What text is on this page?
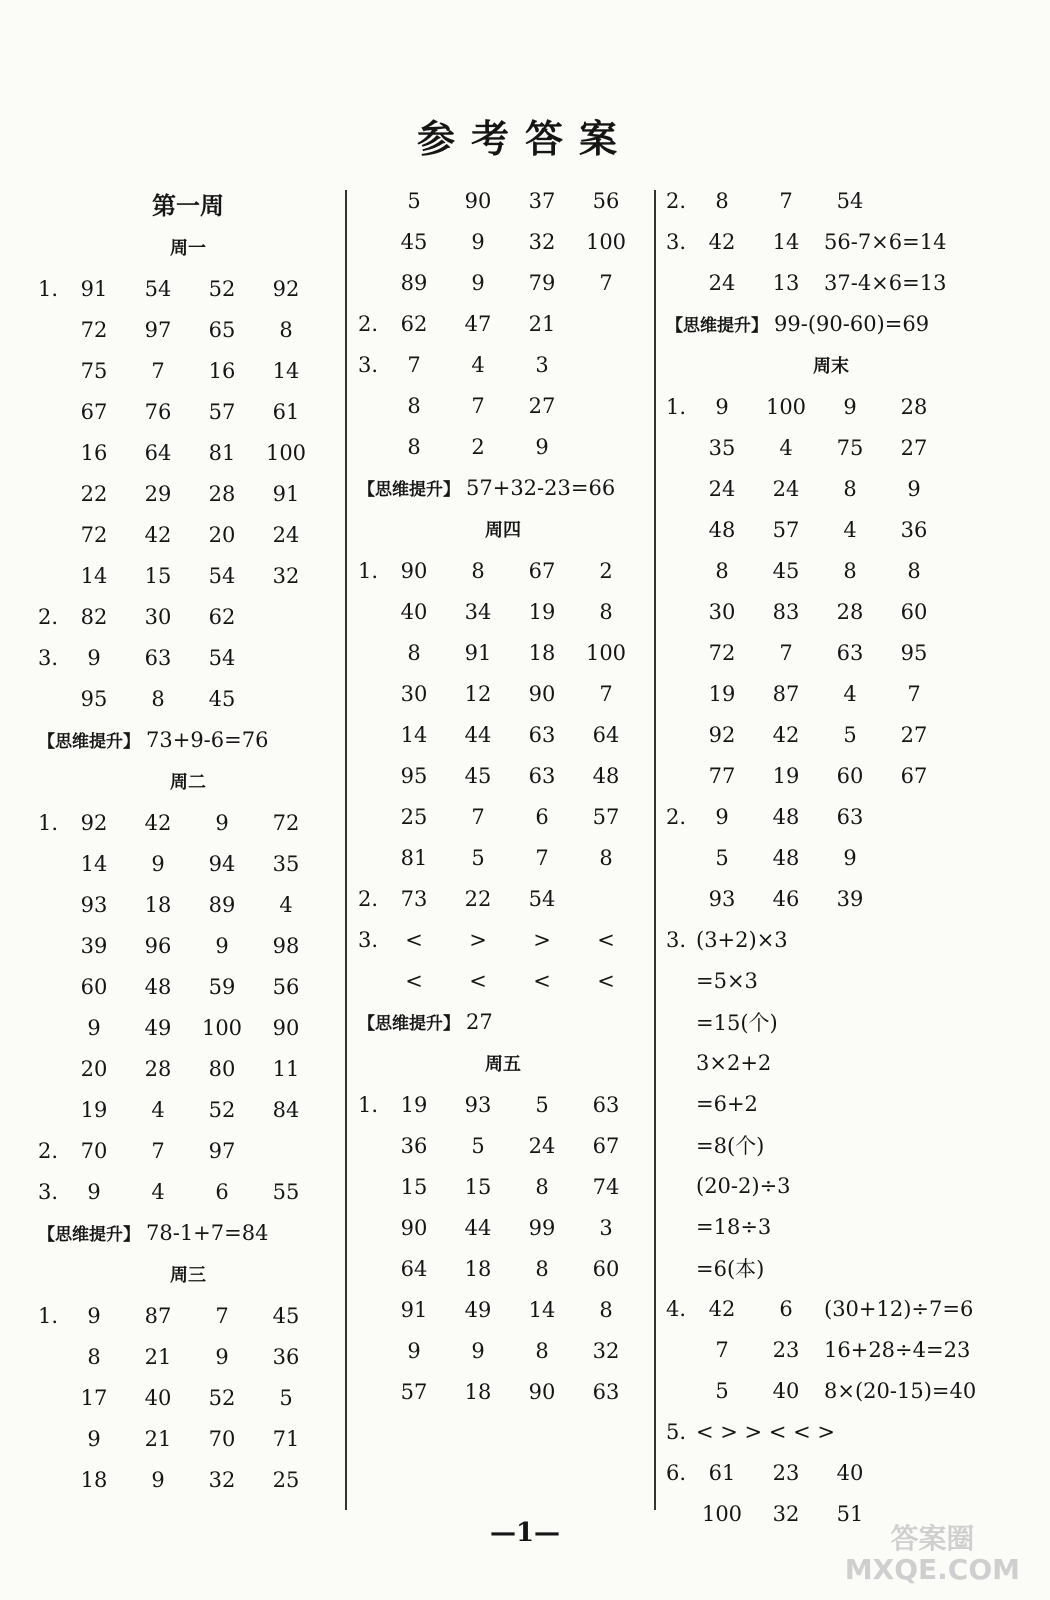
参考答案
第一周
周一
1.	91	54	52	92
72	97	65	8
75	7	16	14
67	76	57	61
16	64	81	100
22	29	28	91
72	42	20	24
14	15	54	32
2.	82	30	62
3.	9	63	54
95	8	45
【思维提升】 73+9-6=76
周二
1.	92	42	9	72
14	9	94	35
93	18	89	4
39	96	9	98
60	48	59	56
9	49	100	90
20	28	80	11
19	4	52	84
2.	70	7	97
3.	9	4	6	55
【思维提升】 78-1+7=84
周三
1.	9	87	7	45
8	21	9	36
17	40	52	5
9	21	70	71
18	9	32	25
5	90	37	56
45	9	32	100
89	9	79	7
2.	62	47	21
3.	7	4	3
8	7	27
8	2	9
【思维提升】 57+32-23=66
周四
1.	90	8	67	2
40	34	19	8
8	91	18	100
30	12	90	7
14	44	63	64
95	45	63	48
25	7	6	57
81	5	7	8
2.	73	22	54
3.	<	>	>	<
<	<	<	<
【思维提升】 27
周五
1.	19	93	5	63
36	5	24	67
15	15	8	74
90	44	99	3
64	18	8	60
91	49	14	8
9	9	8	32
57	18	90	63
2.	8	7	54
3.	42	14	56-7×6=14
24	13	37-4×6=13
【思维提升】 99-(90-60)=69
周末
1.	9	100	9	28
35	4	75	27
24	24	8	9
48	57	4	36
8	45	8	8
30	83	28	60
72	7	63	95
19	87	4	7
92	42	5	27
77	19	60	67
2.	9	48	63
5	48	9
93	46	39
3. (3+2)×3
=5×3
=15(个)
3×2+2
=6+2
=8(个)
(20-2)÷3
=18÷3
=6(本)
4.	42	6	(30+12)÷7=6
7	23	16+28÷4=23
5	40	8×(20-15)=40
5. < > > < < >
6.	61	23	40
100	32	51
—1—	答案圈
MXQE.COM
